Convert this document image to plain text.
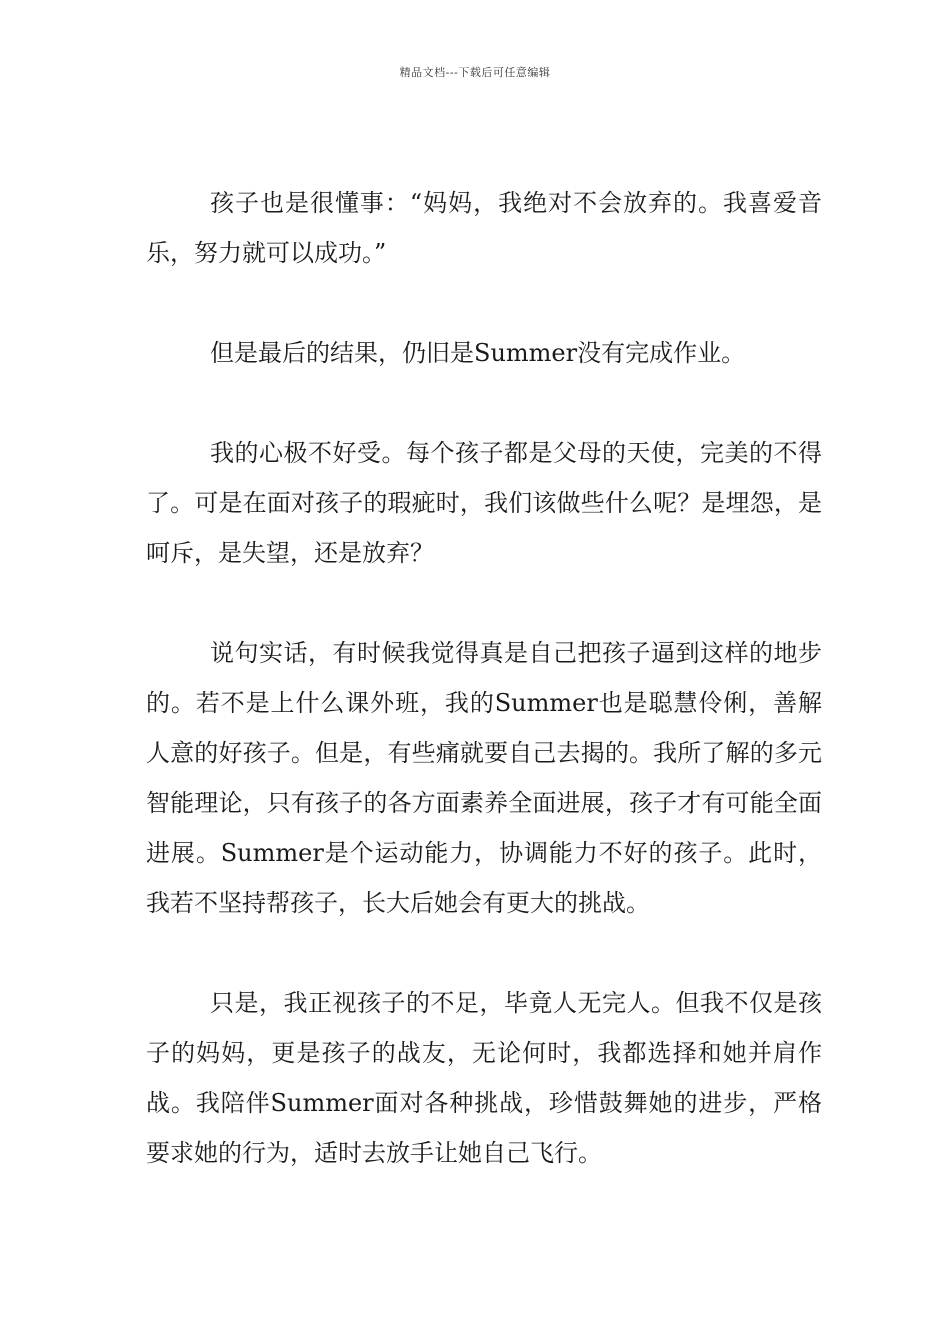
精品文档---下载后可任意编辑

孩子也是很懂事：“妈妈，我绝对不会放弃的。我喜爱音乐，努力就可以成功。”

但是最后的结果，仍旧是Summer没有完成作业。

我的心极不好受。每个孩子都是父母的天使，完美的不得了。可是在面对孩子的瑕疵时，我们该做些什么呢？是埋怨，是呵斥，是失望，还是放弃？

说句实话，有时候我觉得真是自己把孩子逼到这样的地步的。若不是上什么课外班，我的Summer也是聪慧伶俐，善解人意的好孩子。但是，有些痛就要自己去揭的。我所了解的多元智能理论，只有孩子的各方面素养全面进展，孩子才有可能全面进展。Summer是个运动能力，协调能力不好的孩子。此时，我若不坚持帮孩子，长大后她会有更大的挑战。

只是，我正视孩子的不足，毕竟人无完人。但我不仅是孩子的妈妈，更是孩子的战友，无论何时，我都选择和她并肩作战。我陪伴Summer面对各种挑战，珍惜鼓舞她的进步，严格要求她的行为，适时去放手让她自己飞行。
